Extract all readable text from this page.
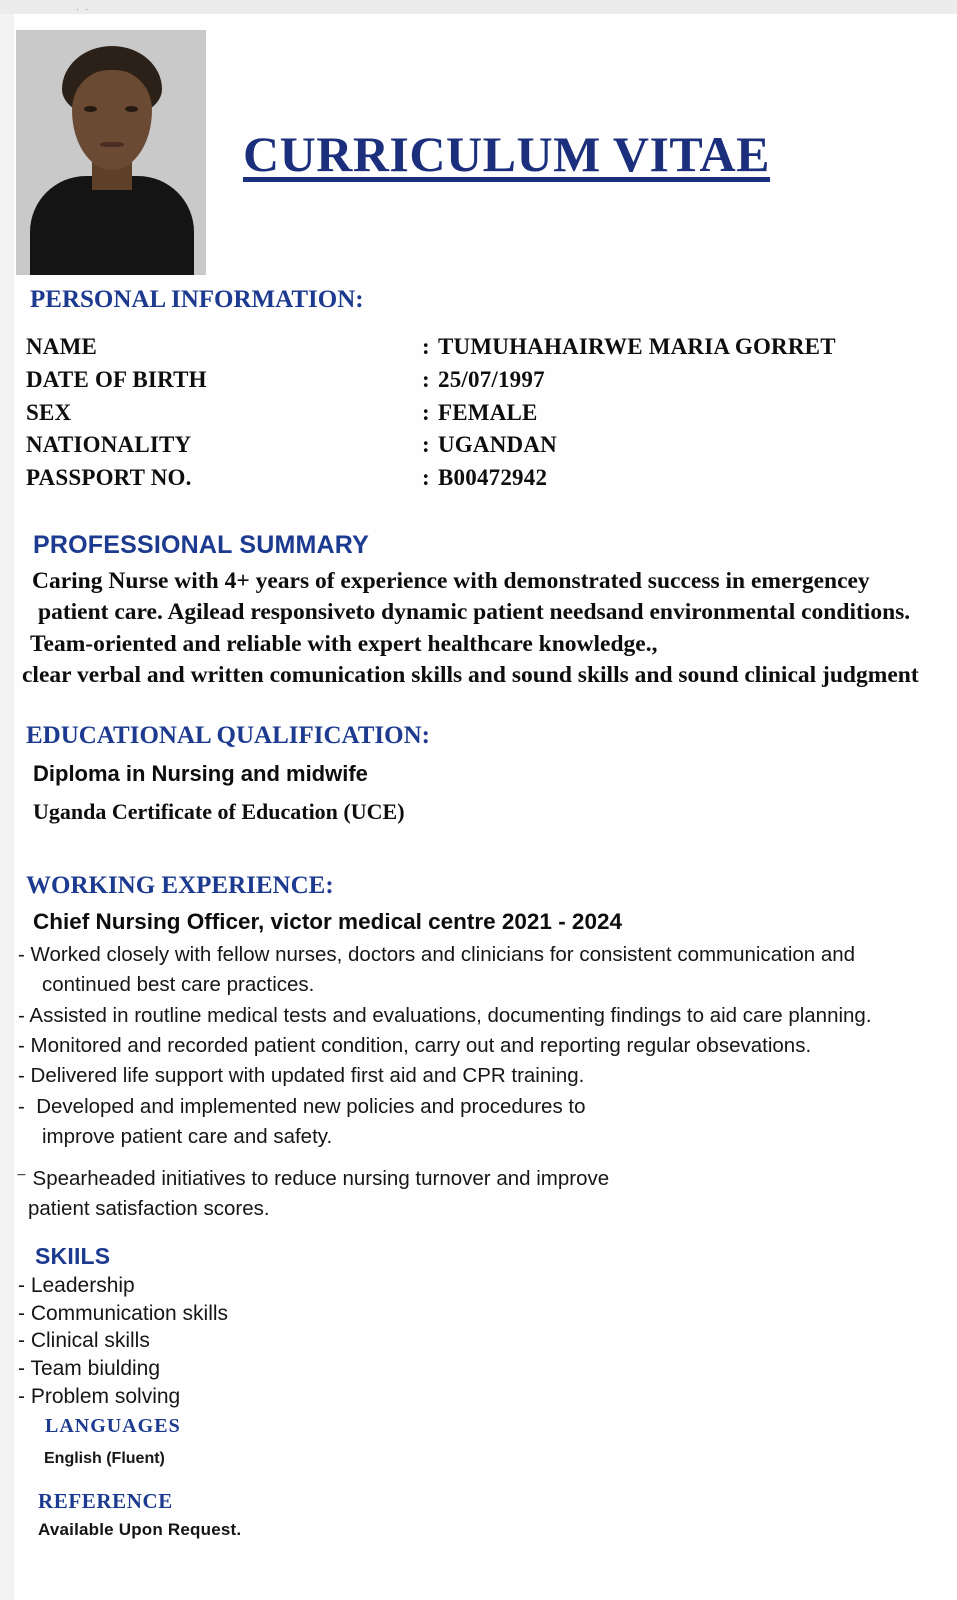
· ·
CURRICULUM VITAE
PERSONAL INFORMATION:
NAME	:	TUMUHAHAIRWE MARIA GORRET
DATE OF BIRTH	:	25/07/1997
SEX	:	FEMALE
NATIONALITY	:	UGANDAN
PASSPORT NO.	:	B00472942
PROFESSIONAL SUMMARY
Caring Nurse with 4+ years of experience with demonstrated success in emergencey
patient care. Agilead responsiveto dynamic patient needsand environmental conditions.
Team-oriented and reliable with expert healthcare knowledge.,
clear verbal and written comunication skills and sound skills and sound clinical judgment
EDUCATIONAL QUALIFICATION:
Diploma in Nursing and midwife
Uganda Certificate of Education (UCE)
WORKING EXPERIENCE:
Chief Nursing Officer, victor medical centre 2021 - 2024
- Worked closely with fellow nurses, doctors and clinicians for consistent communication and
continued best care practices.
- Assisted in routline medical tests and evaluations, documenting findings to aid care planning.
- Monitored and recorded patient condition, carry out and reporting regular obsevations.
- Delivered life support with updated first aid and CPR training.
-  Developed and implemented new policies and procedures to
improve patient care and safety.
⁻ Spearheaded initiatives to reduce nursing turnover and improve
patient satisfaction scores.
SKIILS
- Leadership
- Communication skills
- Clinical skills
- Team biulding
- Problem solving
LANGUAGES
English (Fluent)
REFERENCE
Available Upon Request.
